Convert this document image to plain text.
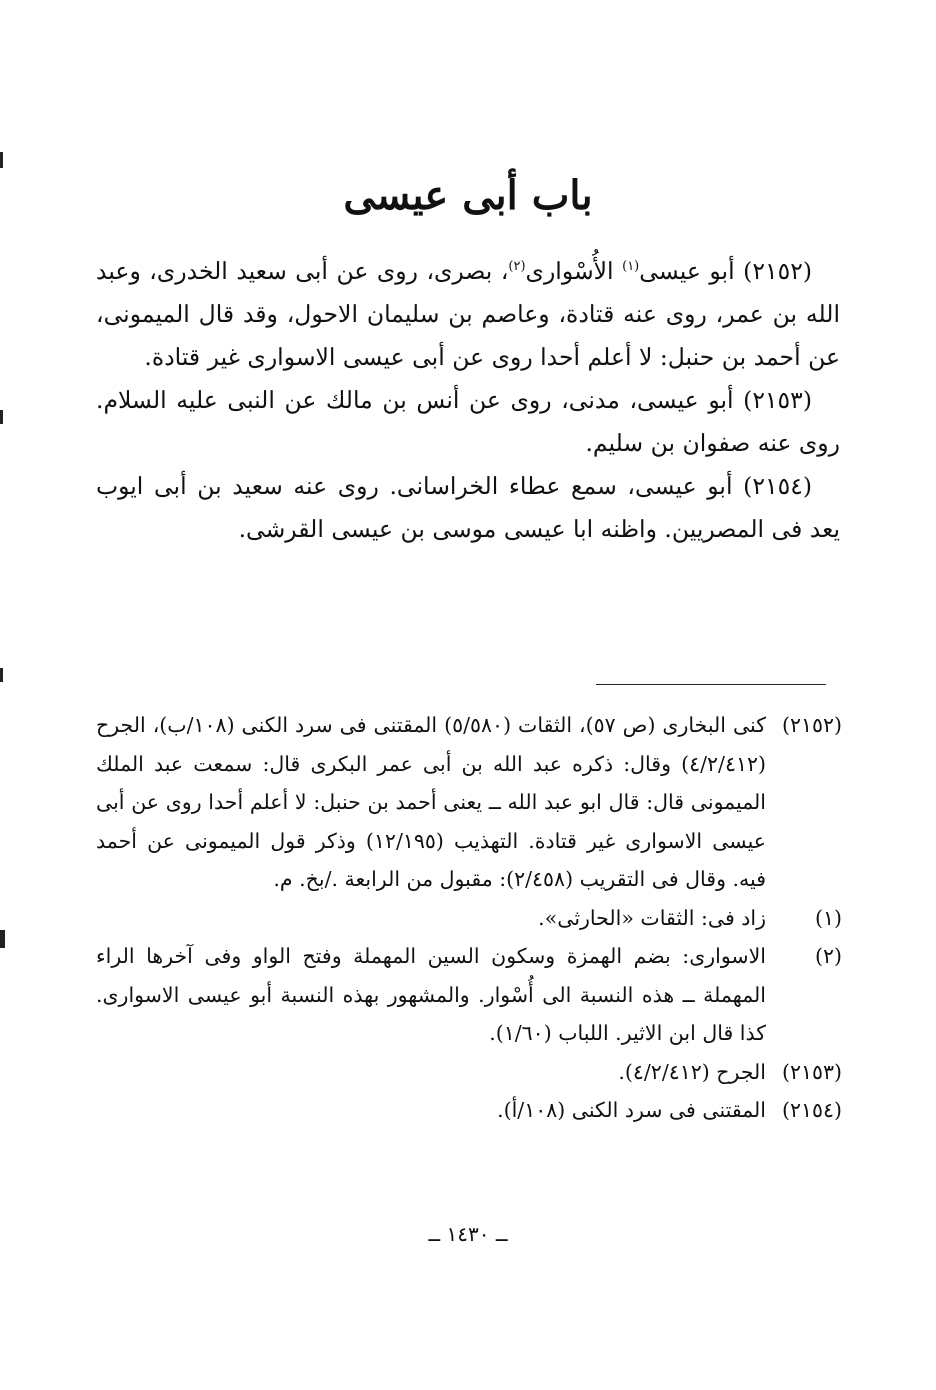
باب أبى عيسى

(٢١٥٢) أبو عيسى$^{(١)}$ الأُسْوارى$^{(٢)}$، بصرى، روى عن أبى سعيد الخدرى، وعبد الله بن عمر، روى عنه قتادة، وعاصم بن سليمان الاحول، وقد قال الميمونى، عن أحمد بن حنبل: لا أعلم أحدا روى عن أبى عيسى الاسوارى غير قتادة.

(٢١٥٣) أبو عيسى، مدنى، روى عن أنس بن مالك عن النبى عليه السلام. روى عنه صفوان بن سليم.

(٢١٥٤) أبو عيسى، سمع عطاء الخراسانى. روى عنه سعيد بن أبى ايوب يعد فى المصريين. واظنه ابا عيسى موسى بن عيسى القرشى.

(٢١٥٢)
كنى البخارى (ص ٥٧)، الثقات (٥/٥٨٠) المقتنى فى سرد الكنى (١٠٨/ب)، الجرح (٤/٢/٤١٢) وقال: ذكره عبد الله بن أبى عمر البكرى قال: سمعت عبد الملك الميمونى قال: قال ابو عبد الله ــ يعنى أحمد بن حنبل: لا أعلم أحدا روى عن أبى عيسى الاسوارى غير قتادة. التهذيب (١٢/١٩٥) وذكر قول الميمونى عن أحمد فيه. وقال فى التقريب (٢/٤٥٨): مقبول من الرابعة ./بخ. م.
(١)
زاد فى: الثقات «الحارثى».
(٢)
الاسوارى: بضم الهمزة وسكون السين المهملة وفتح الواو وفى آخرها الراء المهملة ــ هذه النسبة الى أُسْوار. والمشهور بهذه النسبة أبو عيسى الاسوارى. كذا قال ابن الاثير. اللباب (١/٦٠).
(٢١٥٣)
الجرح (٤/٢/٤١٢).
(٢١٥٤)
المقتنى فى سرد الكنى (١٠٨/أ).
ــ ١٤٣٠ ــ
